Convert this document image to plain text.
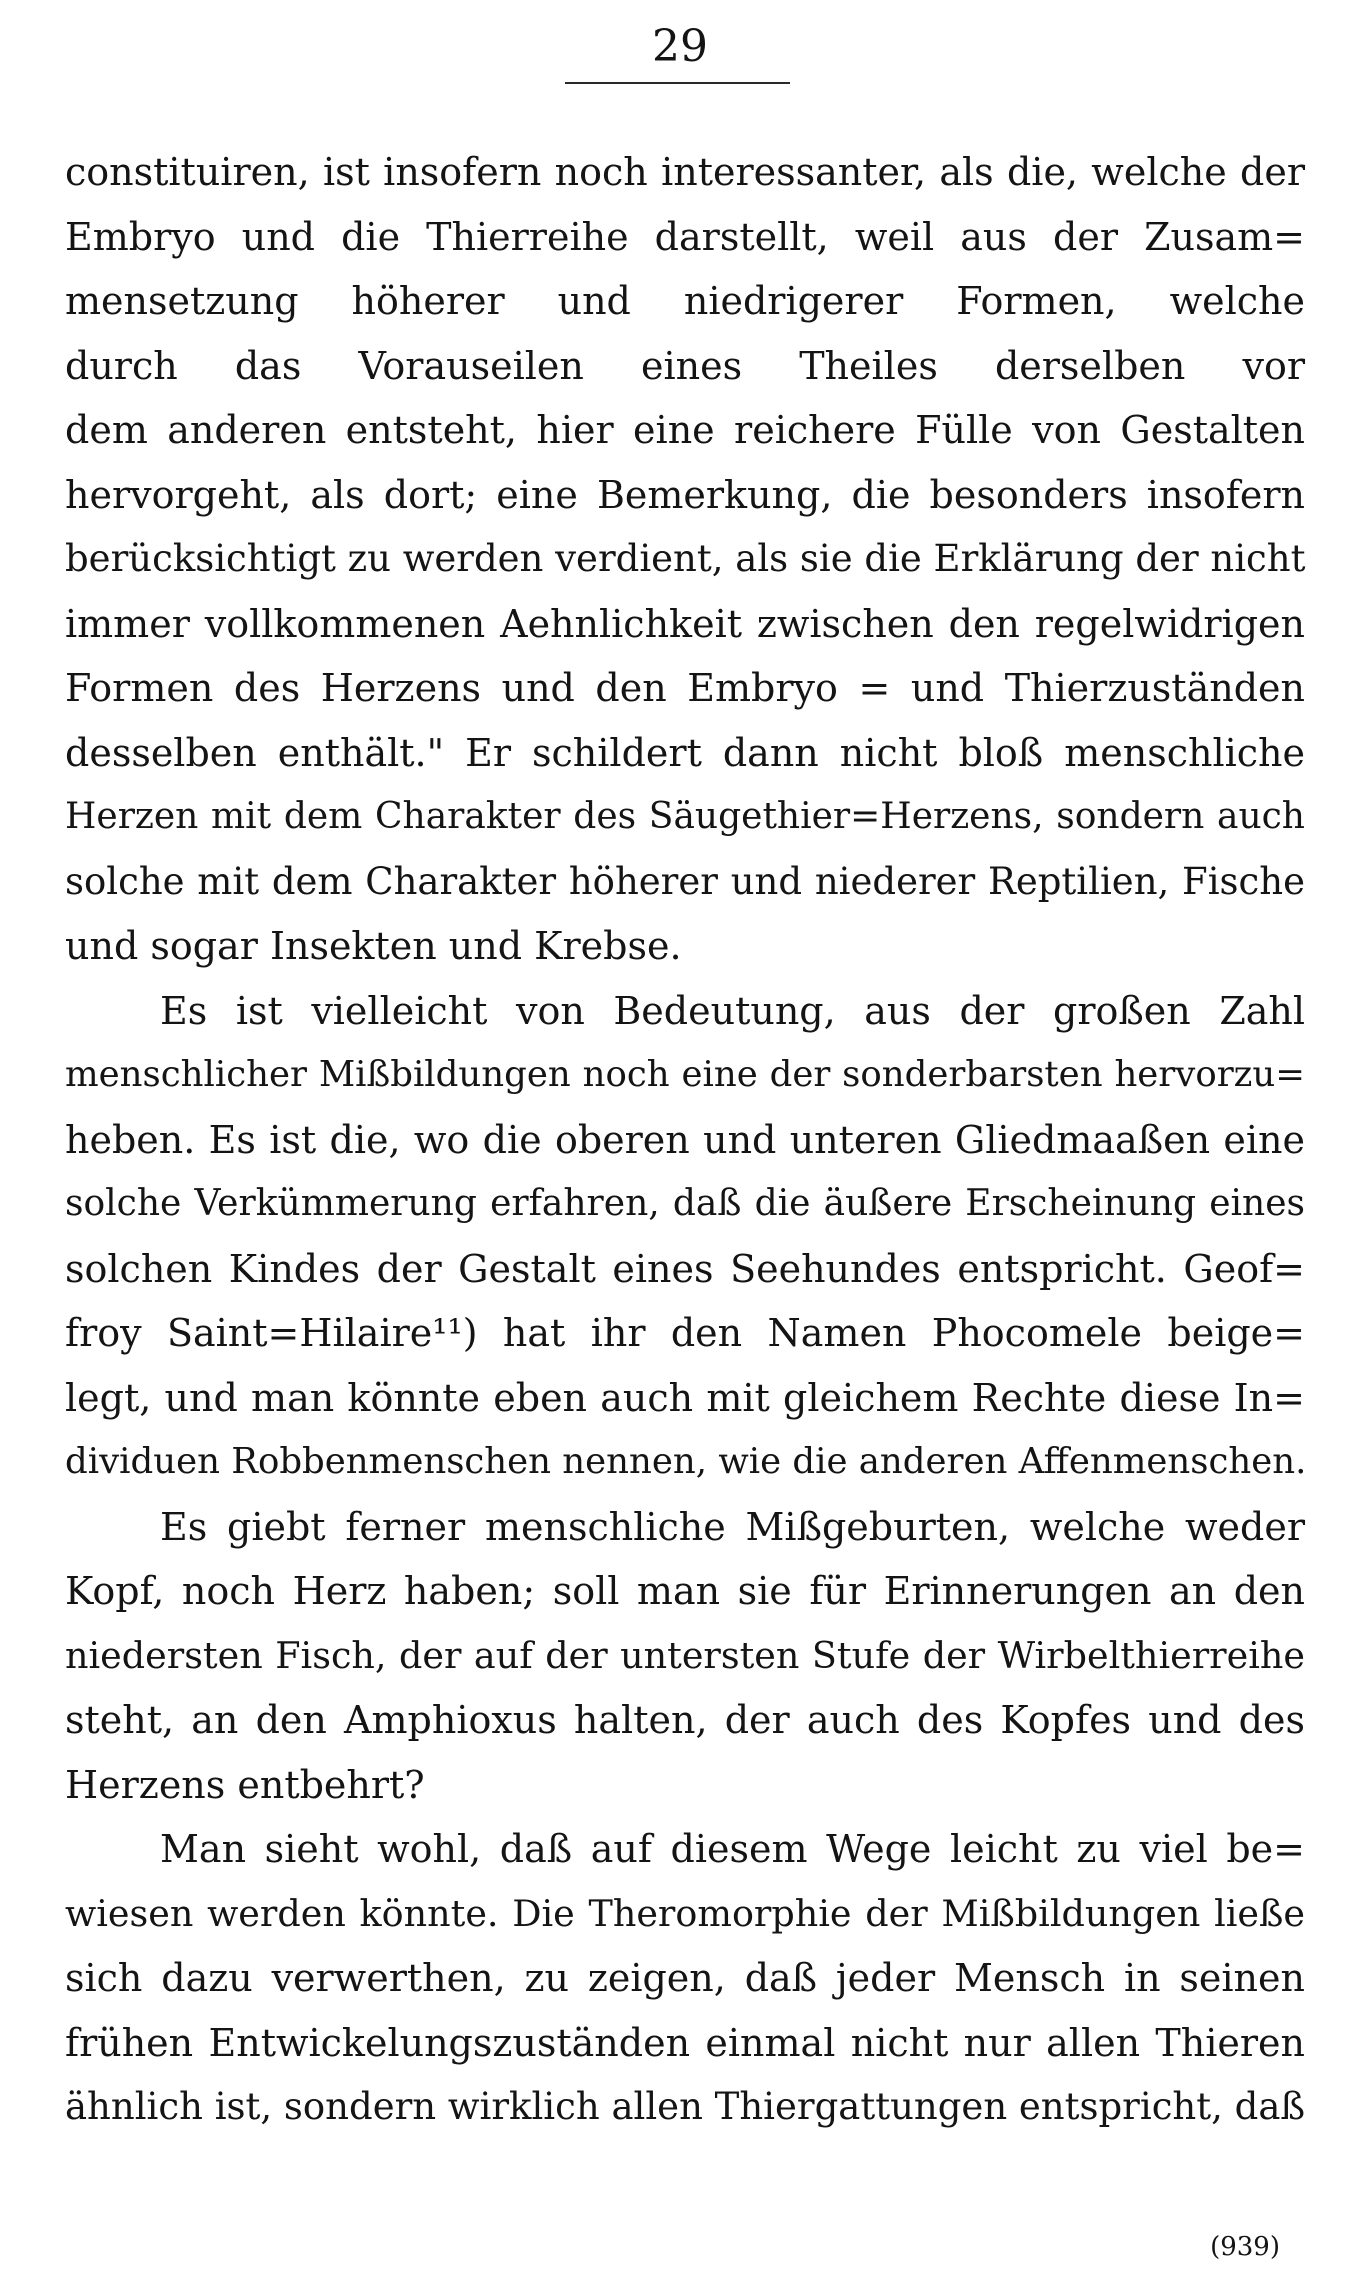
29
constituiren, ist insofern noch interessanter, als die, welche der
Embryo und die Thierreihe darstellt, weil aus der Zusam=
mensetzung höherer und niedrigerer Formen, welche
durch das Vorauseilen eines Theiles derselben vor
dem anderen entsteht, hier eine reichere Fülle von Gestalten
hervorgeht, als dort; eine Bemerkung, die besonders insofern
berücksichtigt zu werden verdient, als sie die Erklärung der nicht
immer vollkommenen Aehnlichkeit zwischen den regelwidrigen
Formen des Herzens und den Embryo = und Thierzuständen
desselben enthält." Er schildert dann nicht bloß menschliche
Herzen mit dem Charakter des Säugethier=Herzens, sondern auch
solche mit dem Charakter höherer und niederer Reptilien, Fische
und sogar Insekten und Krebse.
Es ist vielleicht von Bedeutung, aus der großen Zahl
menschlicher Mißbildungen noch eine der sonderbarsten hervorzu=
heben. Es ist die, wo die oberen und unteren Gliedmaaßen eine
solche Verkümmerung erfahren, daß die äußere Erscheinung eines
solchen Kindes der Gestalt eines Seehundes entspricht. Geof=
froy Saint=Hilaire¹¹) hat ihr den Namen Phocomele beige=
legt, und man könnte eben auch mit gleichem Rechte diese In=
dividuen Robbenmenschen nennen, wie die anderen Affenmenschen.
Es giebt ferner menschliche Mißgeburten, welche weder
Kopf, noch Herz haben; soll man sie für Erinnerungen an den
niedersten Fisch, der auf der untersten Stufe der Wirbelthierreihe
steht, an den Amphioxus halten, der auch des Kopfes und des
Herzens entbehrt?
Man sieht wohl, daß auf diesem Wege leicht zu viel be=
wiesen werden könnte. Die Theromorphie der Mißbildungen ließe
sich dazu verwerthen, zu zeigen, daß jeder Mensch in seinen
frühen Entwickelungszuständen einmal nicht nur allen Thieren
ähnlich ist, sondern wirklich allen Thiergattungen entspricht, daß
(939)
